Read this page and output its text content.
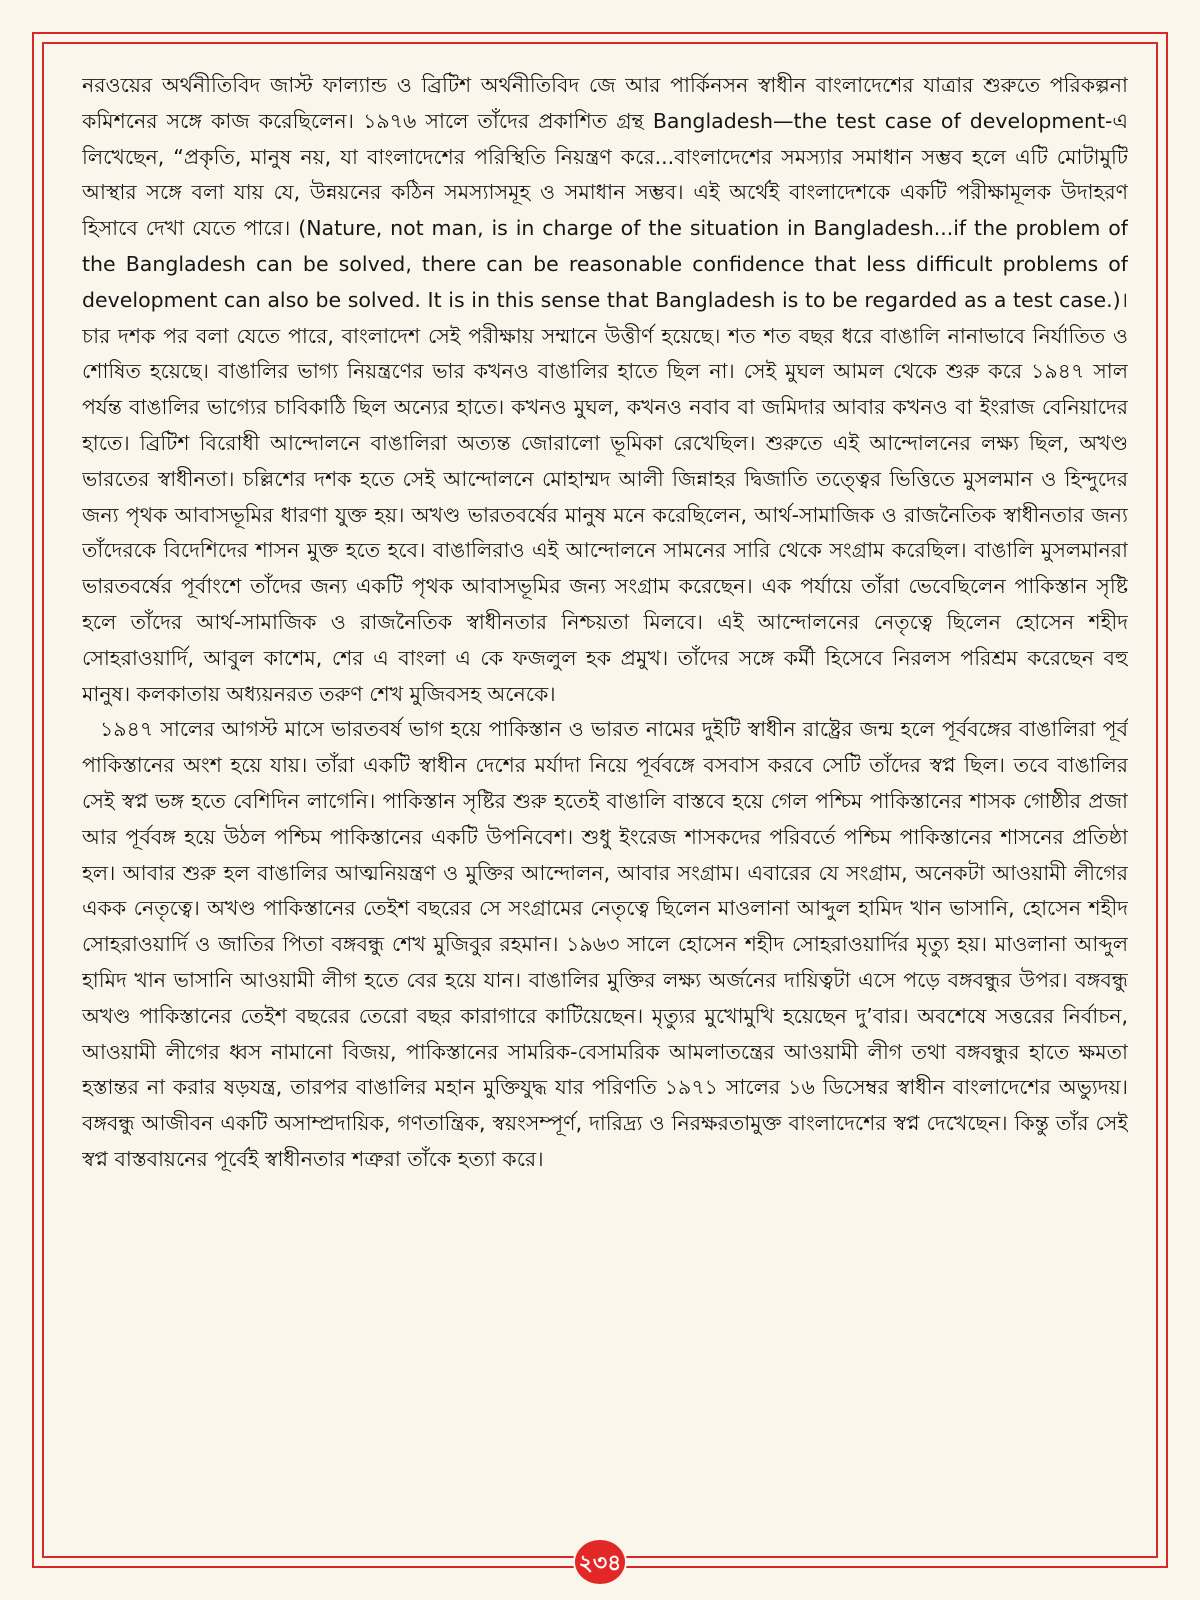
নরওয়ের অর্থনীতিবিদ জাস্ট ফাল্যান্ড ও ব্রিটিশ অর্থনীতিবিদ জে আর পার্কিনসন স্বাধীন বাংলাদেশের যাত্রার শুরুতে পরিকল্পনা কমিশনের সঙ্গে কাজ করেছিলেন। ১৯৭৬ সালে তাঁদের প্রকাশিত গ্রন্থ Bangladesh—the test case of development-এ লিখেছেন, “প্রকৃতি, মানুষ নয়, যা বাংলাদেশের পরিস্থিতি নিয়ন্ত্রণ করে...বাংলাদেশের সমস্যার সমাধান সম্ভব হলে এটি মোটামুটি আস্থার সঙ্গে বলা যায় যে, উন্নয়নের কঠিন সমস্যাসমূহ ও সমাধান সম্ভব। এই অর্থেই বাংলাদেশকে একটি পরীক্ষামূলক উদাহরণ হিসাবে দেখা যেতে পারে। (Nature, not man, is in charge of the situation in Bangladesh...if the problem of the Bangladesh can be solved, there can be reasonable confidence that less difficult problems of development can also be solved. It is in this sense that Bangladesh is to be regarded as a test case.)। চার দশক পর বলা যেতে পারে, বাংলাদেশ সেই পরীক্ষায় সম্মানে উত্তীর্ণ হয়েছে। শত শত বছর ধরে বাঙালি নানাভাবে নির্যাতিত ও শোষিত হয়েছে। বাঙালির ভাগ্য নিয়ন্ত্রণের ভার কখনও বাঙালির হাতে ছিল না। সেই মুঘল আমল থেকে শুরু করে ১৯৪৭ সাল পর্যন্ত বাঙালির ভাগ্যের চাবিকাঠি ছিল অন্যের হাতে। কখনও মুঘল, কখনও নবাব বা জমিদার আবার কখনও বা ইংরাজ বেনিয়াদের হাতে। ব্রিটিশ বিরোধী আন্দোলনে বাঙালিরা অত্যন্ত জোরালো ভূমিকা রেখেছিল। শুরুতে এই আন্দোলনের লক্ষ্য ছিল, অখণ্ড ভারতের স্বাধীনতা। চল্লিশের দশক হতে সেই আন্দোলনে মোহাম্মদ আলী জিন্নাহর দ্বিজাতি তত্ত্বের ভিত্তিতে মুসলমান ও হিন্দুদের জন্য পৃথক আবাসভূমির ধারণা যুক্ত হয়। অখণ্ড ভারতবর্ষের মানুষ মনে করেছিলেন, আর্থ-সামাজিক ও রাজনৈতিক স্বাধীনতার জন্য তাঁদেরকে বিদেশিদের শাসন মুক্ত হতে হবে। বাঙালিরাও এই আন্দোলনে সামনের সারি থেকে সংগ্রাম করেছিল। বাঙালি মুসলমানরা ভারতবর্ষের পূর্বাংশে তাঁদের জন্য একটি পৃথক আবাসভূমির জন্য সংগ্রাম করেছেন। এক পর্যায়ে তাঁরা ভেবেছিলেন পাকিস্তান সৃষ্টি হলে তাঁদের আর্থ-সামাজিক ও রাজনৈতিক স্বাধীনতার নিশ্চয়তা মিলবে। এই আন্দোলনের নেতৃত্বে ছিলেন হোসেন শহীদ সোহরাওয়ার্দি, আবুল কাশেম, শের এ বাংলা এ কে ফজলুল হক প্রমুখ। তাঁদের সঙ্গে কর্মী হিসেবে নিরলস পরিশ্রম করেছেন বহু মানুষ। কলকাতায় অধ্যয়নরত তরুণ শেখ মুজিবসহ অনেকে।

১৯৪৭ সালের আগস্ট মাসে ভারতবর্ষ ভাগ হয়ে পাকিস্তান ও ভারত নামের দুইটি স্বাধীন রাষ্ট্রের জন্ম হলে পূর্ববঙ্গের বাঙালিরা পূর্ব পাকিস্তানের অংশ হয়ে যায়। তাঁরা একটি স্বাধীন দেশের মর্যাদা নিয়ে পূর্ববঙ্গে বসবাস করবে সেটি তাঁদের স্বপ্ন ছিল। তবে বাঙালির সেই স্বপ্ন ভঙ্গ হতে বেশিদিন লাগেনি। পাকিস্তান সৃষ্টির শুরু হতেই বাঙালি বাস্তবে হয়ে গেল পশ্চিম পাকিস্তানের শাসক গোষ্ঠীর প্রজা আর পূর্ববঙ্গ হয়ে উঠল পশ্চিম পাকিস্তানের একটি উপনিবেশ। শুধু ইংরেজ শাসকদের পরিবর্তে পশ্চিম পাকিস্তানের শাসনের প্রতিষ্ঠা হল। আবার শুরু হল বাঙালির আত্মনিয়ন্ত্রণ ও মুক্তির আন্দোলন, আবার সংগ্রাম। এবারের যে সংগ্রাম, অনেকটা আওয়ামী লীগের একক নেতৃত্বে। অখণ্ড পাকিস্তানের তেইশ বছরের সে সংগ্রামের নেতৃত্বে ছিলেন মাওলানা আব্দুল হামিদ খান ভাসানি, হোসেন শহীদ সোহরাওয়ার্দি ও জাতির পিতা বঙ্গবন্ধু শেখ মুজিবুর রহমান। ১৯৬৩ সালে হোসেন শহীদ সোহরাওয়ার্দির মৃত্যু হয়। মাওলানা আব্দুল হামিদ খান ভাসানি আওয়ামী লীগ হতে বের হয়ে যান। বাঙালির মুক্তির লক্ষ্য অর্জনের দায়িত্বটা এসে পড়ে বঙ্গবন্ধুর উপর। বঙ্গবন্ধু অখণ্ড পাকিস্তানের তেইশ বছরের তেরো বছর কারাগারে কাটিয়েছেন। মৃত্যুর মুখোমুখি হয়েছেন দু’বার। অবশেষে সত্তরের নির্বাচন, আওয়ামী লীগের ধ্বস নামানো বিজয়, পাকিস্তানের সামরিক-বেসামরিক আমলাতন্ত্রের আওয়ামী লীগ তথা বঙ্গবন্ধুর হাতে ক্ষমতা হস্তান্তর না করার ষড়যন্ত্র, তারপর বাঙালির মহান মুক্তিযুদ্ধ যার পরিণতি ১৯৭১ সালের ১৬ ডিসেম্বর স্বাধীন বাংলাদেশের অভ্যুদয়। বঙ্গবন্ধু আজীবন একটি অসাম্প্রদায়িক, গণতান্ত্রিক, স্বয়ংসম্পূর্ণ, দারিদ্র্য ও নিরক্ষরতামুক্ত বাংলাদেশের স্বপ্ন দেখেছেন। কিন্তু তাঁর সেই স্বপ্ন বাস্তবায়নের পূর্বেই স্বাধীনতার শত্রুরা তাঁকে হত্যা করে।

২৩৪
